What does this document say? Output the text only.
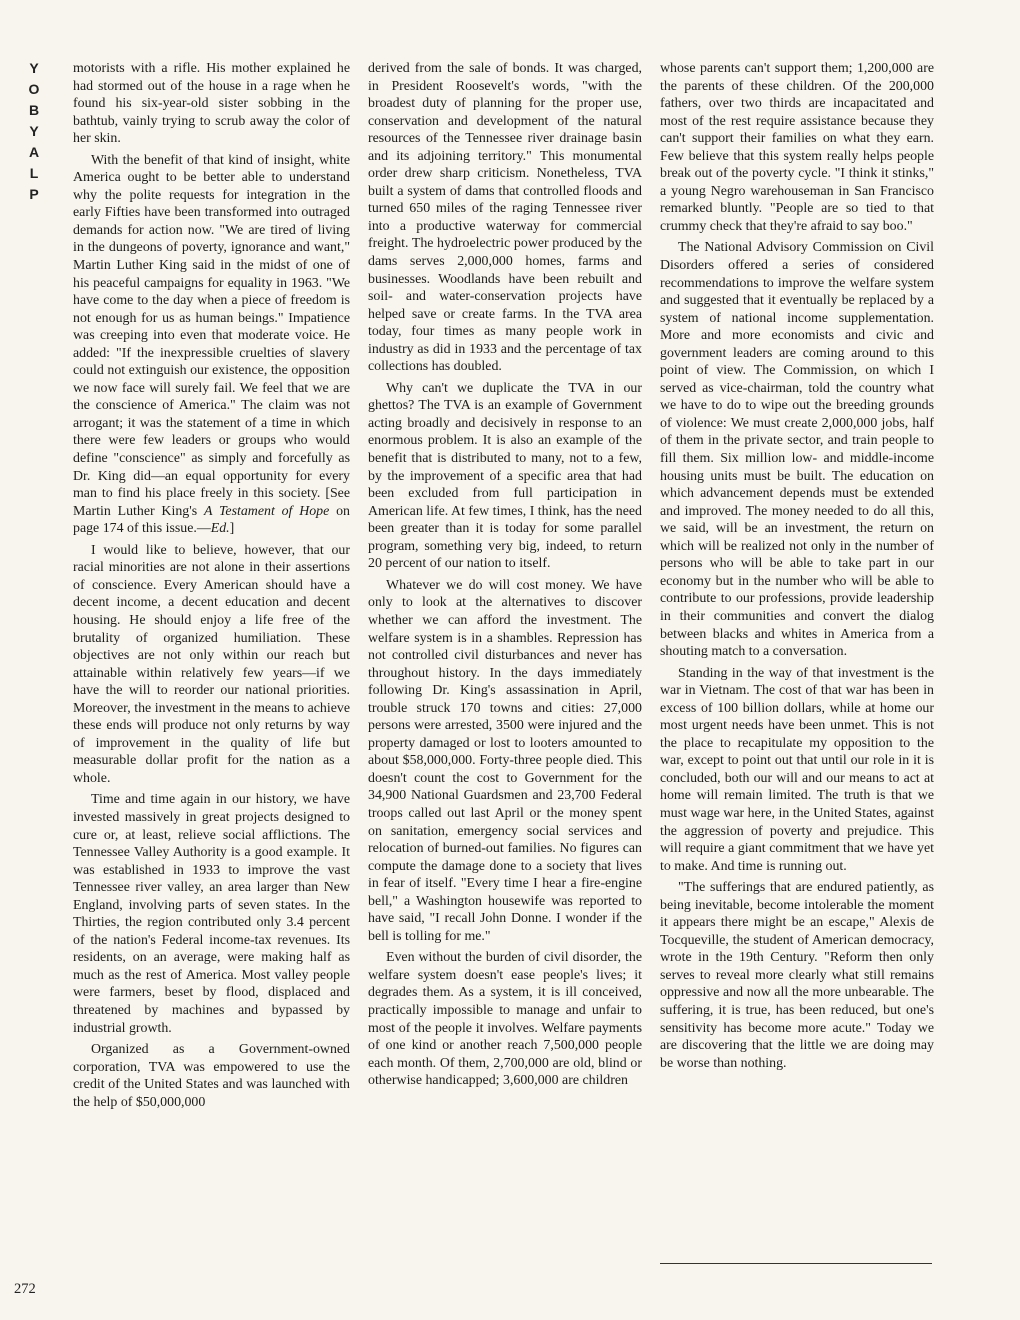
Y
O
B
Y
A
L
P

motorists with a rifle. His mother explained he had stormed out of the house in a rage when he found his six-year-old sister sobbing in the bathtub, vainly trying to scrub away the color of her skin.

With the benefit of that kind of insight, white America ought to be better able to understand why the polite requests for integration in the early Fifties have been transformed into outraged demands for action now. "We are tired of living in the dungeons of poverty, ignorance and want," Martin Luther King said in the midst of one of his peaceful campaigns for equality in 1963. "We have come to the day when a piece of freedom is not enough for us as human beings." Impatience was creeping into even that moderate voice. He added: "If the inexpressible cruelties of slavery could not extinguish our existence, the opposition we now face will surely fail. We feel that we are the conscience of America." The claim was not arrogant; it was the statement of a time in which there were few leaders or groups who would define "conscience" as simply and forcefully as Dr. King did—an equal opportunity for every man to find his place freely in this society. [See Martin Luther King's A Testament of Hope on page 174 of this issue.—Ed.]

I would like to believe, however, that our racial minorities are not alone in their assertions of conscience. Every American should have a decent income, a decent education and decent housing. He should enjoy a life free of the brutality of organized humiliation. These objectives are not only within our reach but attainable within relatively few years—if we have the will to reorder our national priorities. Moreover, the investment in the means to achieve these ends will produce not only returns by way of improvement in the quality of life but measurable dollar profit for the nation as a whole.

Time and time again in our history, we have invested massively in great projects designed to cure or, at least, relieve social afflictions. The Tennessee Valley Authority is a good example. It was established in 1933 to improve the vast Tennessee river valley, an area larger than New England, involving parts of seven states. In the Thirties, the region contributed only 3.4 percent of the nation's Federal income-tax revenues. Its residents, on an average, were making half as much as the rest of America. Most valley people were farmers, beset by flood, displaced and threatened by machines and bypassed by industrial growth.

Organized as a Government-owned corporation, TVA was empowered to use the credit of the United States and was launched with the help of $50,000,000

derived from the sale of bonds. It was charged, in President Roosevelt's words, "with the broadest duty of planning for the proper use, conservation and development of the natural resources of the Tennessee river drainage basin and its adjoining territory." This monumental order drew sharp criticism. Nonetheless, TVA built a system of dams that controlled floods and turned 650 miles of the raging Tennessee river into a productive waterway for commercial freight. The hydroelectric power produced by the dams serves 2,000,000 homes, farms and businesses. Woodlands have been rebuilt and soil- and water-conservation projects have helped save or create farms. In the TVA area today, four times as many people work in industry as did in 1933 and the percentage of tax collections has doubled.

Why can't we duplicate the TVA in our ghettos? The TVA is an example of Government acting broadly and decisively in response to an enormous problem. It is also an example of the benefit that is distributed to many, not to a few, by the improvement of a specific area that had been excluded from full participation in American life. At few times, I think, has the need been greater than it is today for some parallel program, something very big, indeed, to return 20 percent of our nation to itself.

Whatever we do will cost money. We have only to look at the alternatives to discover whether we can afford the investment. The welfare system is in a shambles. Repression has not controlled civil disturbances and never has throughout history. In the days immediately following Dr. King's assassination in April, trouble struck 170 towns and cities: 27,000 persons were arrested, 3500 were injured and the property damaged or lost to looters amounted to about $58,000,000. Forty-three people died. This doesn't count the cost to Government for the 34,900 National Guardsmen and 23,700 Federal troops called out last April or the money spent on sanitation, emergency social services and relocation of burned-out families. No figures can compute the damage done to a society that lives in fear of itself. "Every time I hear a fire-engine bell," a Washington housewife was reported to have said, "I recall John Donne. I wonder if the bell is tolling for me."

Even without the burden of civil disorder, the welfare system doesn't ease people's lives; it degrades them. As a system, it is ill conceived, practically impossible to manage and unfair to most of the people it involves. Welfare payments of one kind or another reach 7,500,000 people each month. Of them, 2,700,000 are old, blind or otherwise handicapped; 3,600,000 are children

whose parents can't support them; 1,200,000 are the parents of these children. Of the 200,000 fathers, over two thirds are incapacitated and most of the rest require assistance because they can't support their families on what they earn. Few believe that this system really helps people break out of the poverty cycle. "I think it stinks," a young Negro warehouseman in San Francisco remarked bluntly. "People are so tied to that crummy check that they're afraid to say boo."

The National Advisory Commission on Civil Disorders offered a series of considered recommendations to improve the welfare system and suggested that it eventually be replaced by a system of national income supplementation. More and more economists and civic and government leaders are coming around to this point of view. The Commission, on which I served as vice-chairman, told the country what we have to do to wipe out the breeding grounds of violence: We must create 2,000,000 jobs, half of them in the private sector, and train people to fill them. Six million low- and middle-income housing units must be built. The education on which advancement depends must be extended and improved. The money needed to do all this, we said, will be an investment, the return on which will be realized not only in the number of persons who will be able to take part in our economy but in the number who will be able to contribute to our professions, provide leadership in their communities and convert the dialog between blacks and whites in America from a shouting match to a conversation.

Standing in the way of that investment is the war in Vietnam. The cost of that war has been in excess of 100 billion dollars, while at home our most urgent needs have been unmet. This is not the place to recapitulate my opposition to the war, except to point out that until our role in it is concluded, both our will and our means to act at home will remain limited. The truth is that we must wage war here, in the United States, against the aggression of poverty and prejudice. This will require a giant commitment that we have yet to make. And time is running out.

"The sufferings that are endured patiently, as being inevitable, become intolerable the moment it appears there might be an escape," Alexis de Tocqueville, the student of American democracy, wrote in the 19th Century. "Reform then only serves to reveal more clearly what still remains oppressive and now all the more unbearable. The suffering, it is true, has been reduced, but one's sensitivity has become more acute." Today we are discovering that the little we are doing may be worse than nothing.

272
